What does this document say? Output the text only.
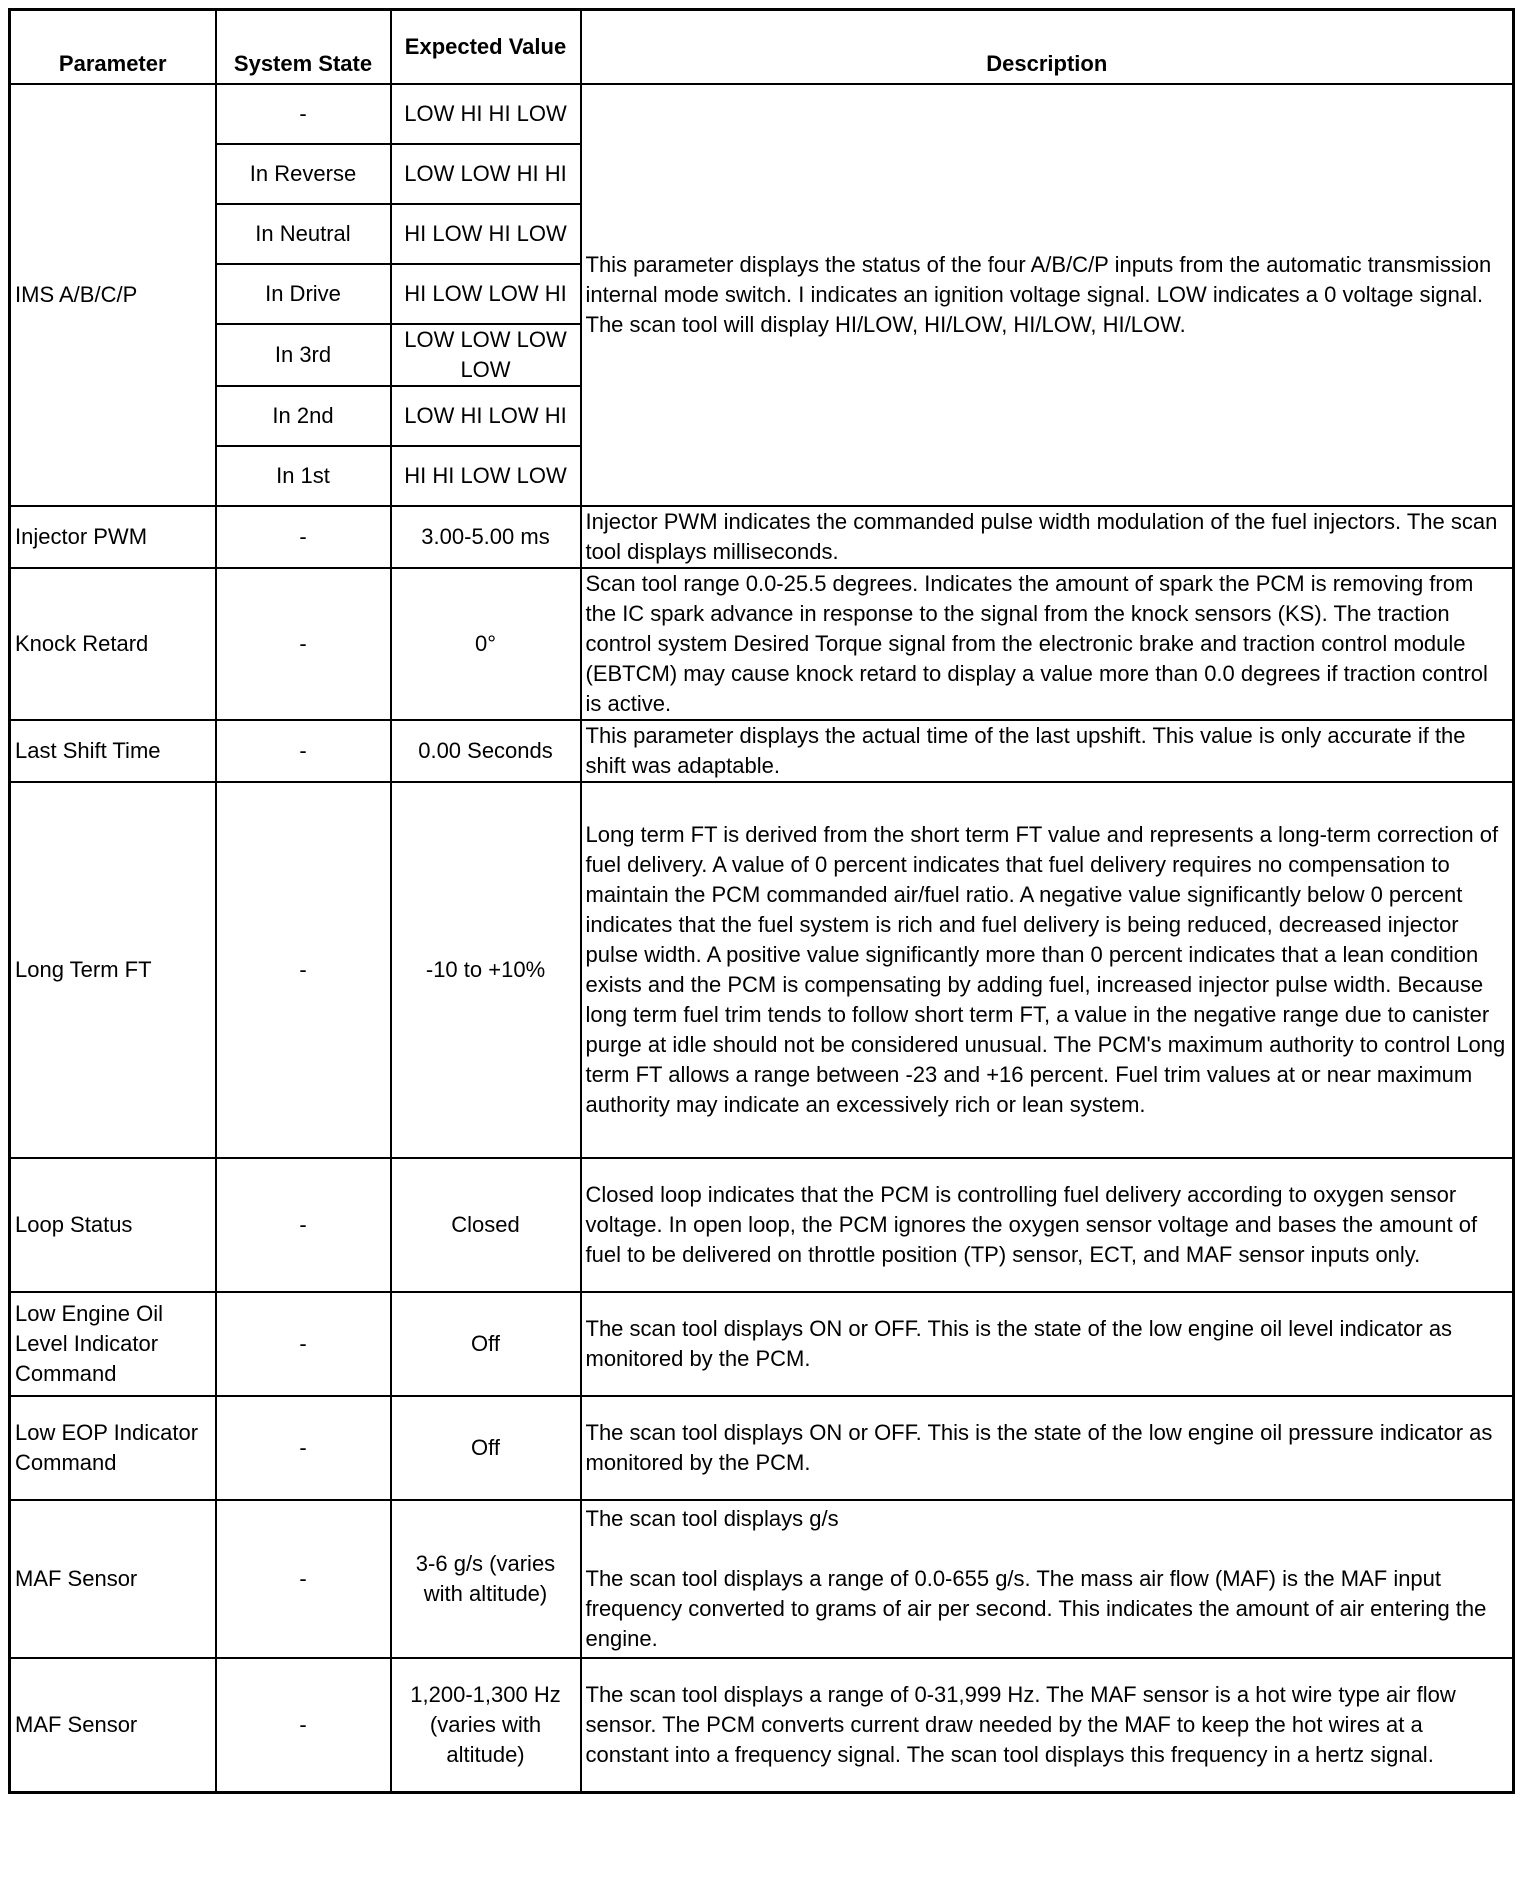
Parameter	System State	Expected Value	Description
IMS A/B/C/P	-	LOW HI HI LOW	This parameter displays the status of the four A/B/C/P inputs from the automatic transmission internal mode switch. I indicates an ignition voltage signal. LOW indicates a 0 voltage signal. The scan tool will display HI/LOW, HI/LOW, HI/LOW, HI/LOW.
	In Reverse	LOW LOW HI HI	
	In Neutral	HI LOW HI LOW	
	In Drive	HI LOW LOW HI	
	In 3rd	LOW LOW LOW LOW	
	In 2nd	LOW HI LOW HI	
	In 1st	HI HI LOW LOW	
Injector PWM	-	3.00-5.00 ms	Injector PWM indicates the commanded pulse width modulation of the fuel injectors. The scan tool displays milliseconds.
Knock Retard	-	0°	Scan tool range 0.0-25.5 degrees. Indicates the amount of spark the PCM is removing from the IC spark advance in response to the signal from the knock sensors (KS). The traction control system Desired Torque signal from the electronic brake and traction control module (EBTCM) may cause knock retard to display a value more than 0.0 degrees if traction control is active.
Last Shift Time	-	0.00 Seconds	This parameter displays the actual time of the last upshift. This value is only accurate if the shift was adaptable.
Long Term FT	-	-10 to +10%	Long term FT is derived from the short term FT value and represents a long-term correction of fuel delivery. A value of 0 percent indicates that fuel delivery requires no compensation to maintain the PCM commanded air/fuel ratio. A negative value significantly below 0 percent indicates that the fuel system is rich and fuel delivery is being reduced, decreased injector pulse width. A positive value significantly more than 0 percent indicates that a lean condition exists and the PCM is compensating by adding fuel, increased injector pulse width. Because long term fuel trim tends to follow short term FT, a value in the negative range due to canister purge at idle should not be considered unusual. The PCM's maximum authority to control Long term FT allows a range between -23 and +16 percent. Fuel trim values at or near maximum authority may indicate an excessively rich or lean system.
Loop Status	-	Closed	Closed loop indicates that the PCM is controlling fuel delivery according to oxygen sensor voltage. In open loop, the PCM ignores the oxygen sensor voltage and bases the amount of fuel to be delivered on throttle position (TP) sensor, ECT, and MAF sensor inputs only.
Low Engine Oil Level Indicator Command	-	Off	The scan tool displays ON or OFF. This is the state of the low engine oil level indicator as monitored by the PCM.
Low EOP Indicator Command	-	Off	The scan tool displays ON or OFF. This is the state of the low engine oil pressure indicator as monitored by the PCM.
MAF Sensor	-	3-6 g/s (varies with altitude)	The scan tool displays g/s

The scan tool displays a range of 0.0-655 g/s. The mass air flow (MAF) is the MAF input frequency converted to grams of air per second. This indicates the amount of air entering the engine.

MAF Sensor	-	1,200-1,300 Hz (varies with altitude)	The scan tool displays a range of 0-31,999 Hz. The MAF sensor is a hot wire type air flow sensor. The PCM converts current draw needed by the MAF to keep the hot wires at a constant into a frequency signal. The scan tool displays this frequency in a hertz signal.
